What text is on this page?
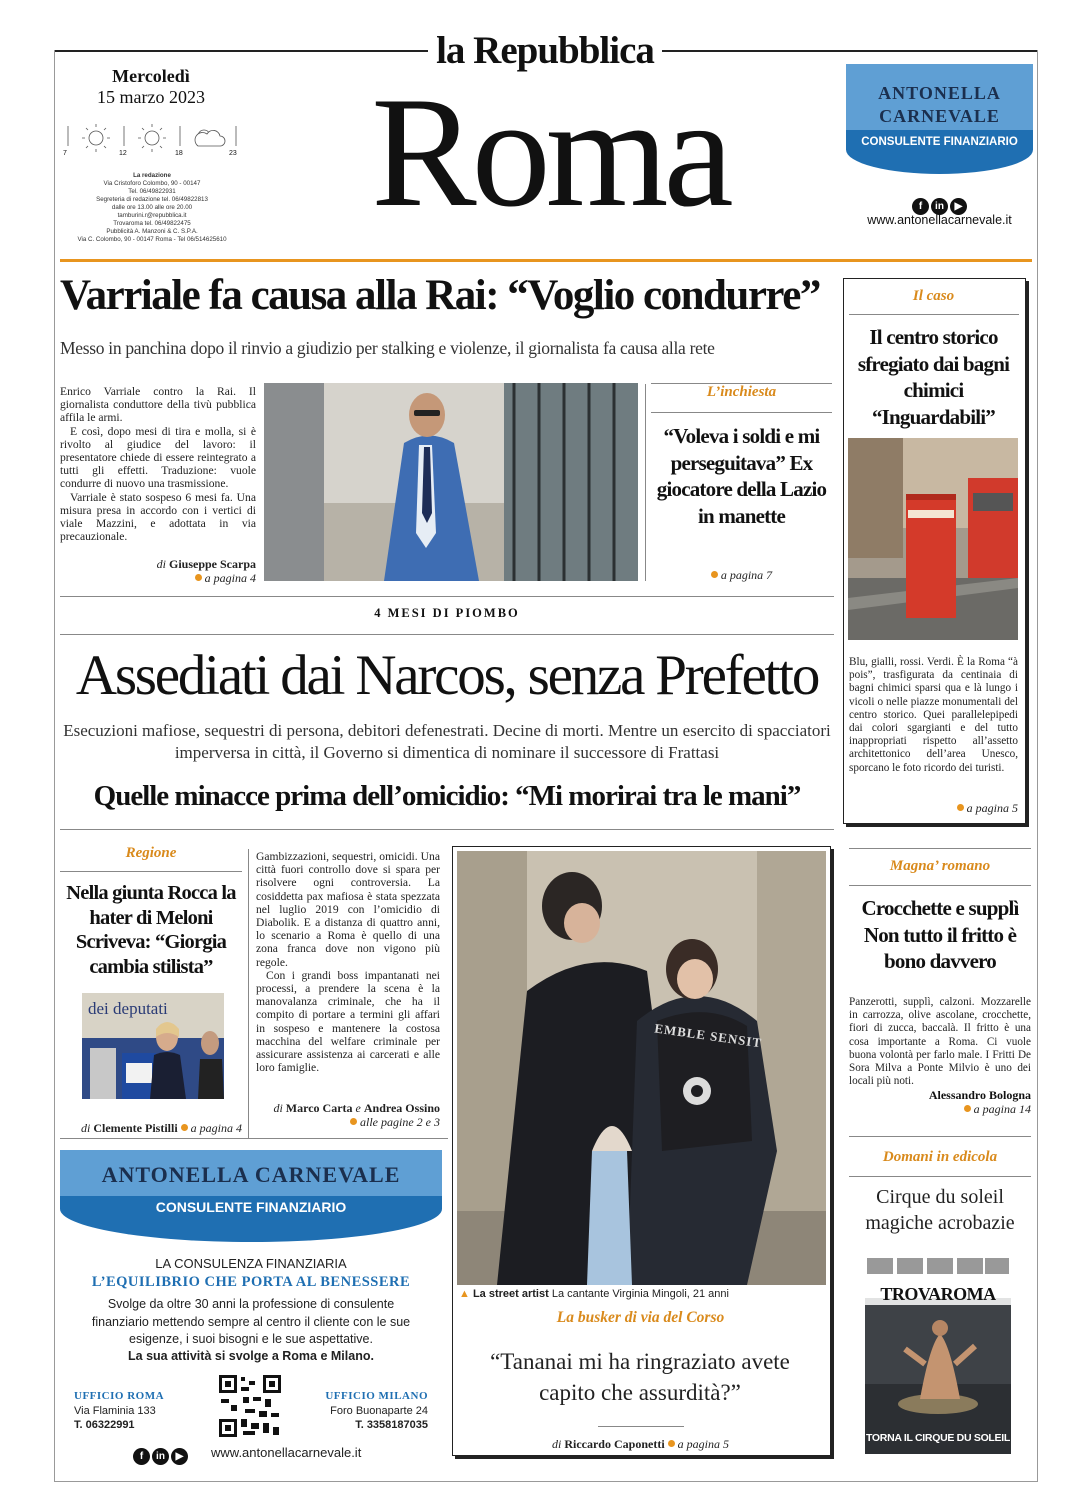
la Repubblica
Mercoledì
15 marzo 2023
7	12	18	23
La redazione
Via Cristoforo Colombo, 90 - 00147
Tel. 06/49822931
Segreteria di redazione tel. 06/49822813
dalle ore 13.00 alle ore 20.00
tamburini.r@repubblica.it
Trovaroma tel. 06/49822475
Pubblicità A. Manzoni & C. S.P.A.
Via C. Colombo, 90 - 00147 Roma - Tel 06/514625610 Roma	ANTONELLA CARNEVALE
CONSULENTE FINANZIARIO
f in ▶
www.antonellacarnevale.it
Varriale fa causa alla Rai: “Voglio condurre”
Messo in panchina dopo il rinvio a giudizio per stalking e violenze, il giornalista fa causa alla rete
Enrico Varriale contro la Rai. Il giornalista conduttore della tivù pubblica affila le armi.
E così, dopo mesi di tira e molla, si è rivolto al giudice del lavoro: il presentatore chiede di essere reintegrato a tutti gli effetti. Traduzione: vuole condurre di nuovo una trasmissione.
Varriale è stato sospeso 6 mesi fa. Una misura presa in accordo con i vertici di viale Mazzini, e adottata in via precauzionale.
di Giuseppe Scarpa
a pagina 4
L’inchiesta
“Voleva i soldi e mi perseguitava” Ex giocatore della Lazio in manette
a pagina 7
Il caso
Il centro storico sfregiato dai bagni chimici “Inguardabili”
Blu, gialli, rossi. Verdi. È la Roma “à pois”, trasfigurata da centinaia di bagni chimici sparsi qua e là lungo i vicoli o nelle piazze monumentali del centro storico. Quei parallelepipedi dai colori sgargianti e del tutto inappropriati rispetto all’assetto architettonico dell’area Unesco, sporcano le foto ricordo dei turisti.
a pagina 5
4 MESI DI PIOMBO
Assediati dai Narcos, senza Prefetto
Esecuzioni mafiose, sequestri di persona, debitori defenestrati. Decine di morti. Mentre un esercito di spacciatori imperversa in città, il Governo si dimentica di nominare il successore di Frattasi
Quelle minacce prima dell’omicidio: “Mi morirai tra le mani”
Regione
Nella giunta Rocca la hater di Meloni Scriveva: “Giorgia cambia stilista”
dei deputati
di Clemente Pistilli a pagina 4
Gambizzazioni, sequestri, omicidi. Una città fuori controllo dove si spara per risolvere ogni controversia. La cosiddetta pax mafiosa è stata spezzata nel luglio 2019 con l’omicidio di Diabolik. E a distanza di quattro anni, lo scenario a Roma è quello di una zona franca dove non vigono più regole.
Con i grandi boss impantanati nei processi, a prendere la scena è la manovalanza criminale, che ha il compito di portare a termini gli affari in sospeso e mantenere la costosa macchina del welfare criminale per assicurare assistenza ai carcerati e alle loro famiglie.
di Marco Carta e Andrea Ossino
alle pagine 2 e 3
EMBLE SENSIT
▲ La street artist La cantante Virginia Mingoli, 21 anni
La busker di via del Corso
“Tananai mi ha ringraziato avete capito che assurdità?”
di Riccardo Caponetti a pagina 5
Magna’ romano
Crocchette e supplì Non tutto il fritto è bono davvero
Panzerotti, supplì, calzoni. Mozzarelle in carrozza, olive ascolane, crocchette, fiori di zucca, baccalà. Il fritto è una cosa importante a Roma. Ci vuole buona volontà per farlo male. I Fritti De Sora Milva a Ponte Milvio è uno dei locali più noti.
Alessandro Bologna
a pagina 14
Domani in edicola
Cirque du soleil magiche acrobazie
TROVAROMA
TORNA IL CIRQUE DU SOLEIL
ANTONELLA CARNEVALE
CONSULENTE FINANZIARIO
LA CONSULENZA FINANZIARIA
L’EQUILIBRIO CHE PORTA AL BENESSERE
Svolge da oltre 30 anni la professione di consulente finanziario mettendo sempre al centro il cliente con le sue esigenze, i suoi bisogni e le sue aspettative.
La sua attività si svolge a Roma e Milano.
UFFICIO ROMA
Via Flaminia 133
T. 06322991
UFFICIO MILANO
Foro Buonaparte 24
T. 3358187035
f in ▶	www.antonellacarnevale.it
